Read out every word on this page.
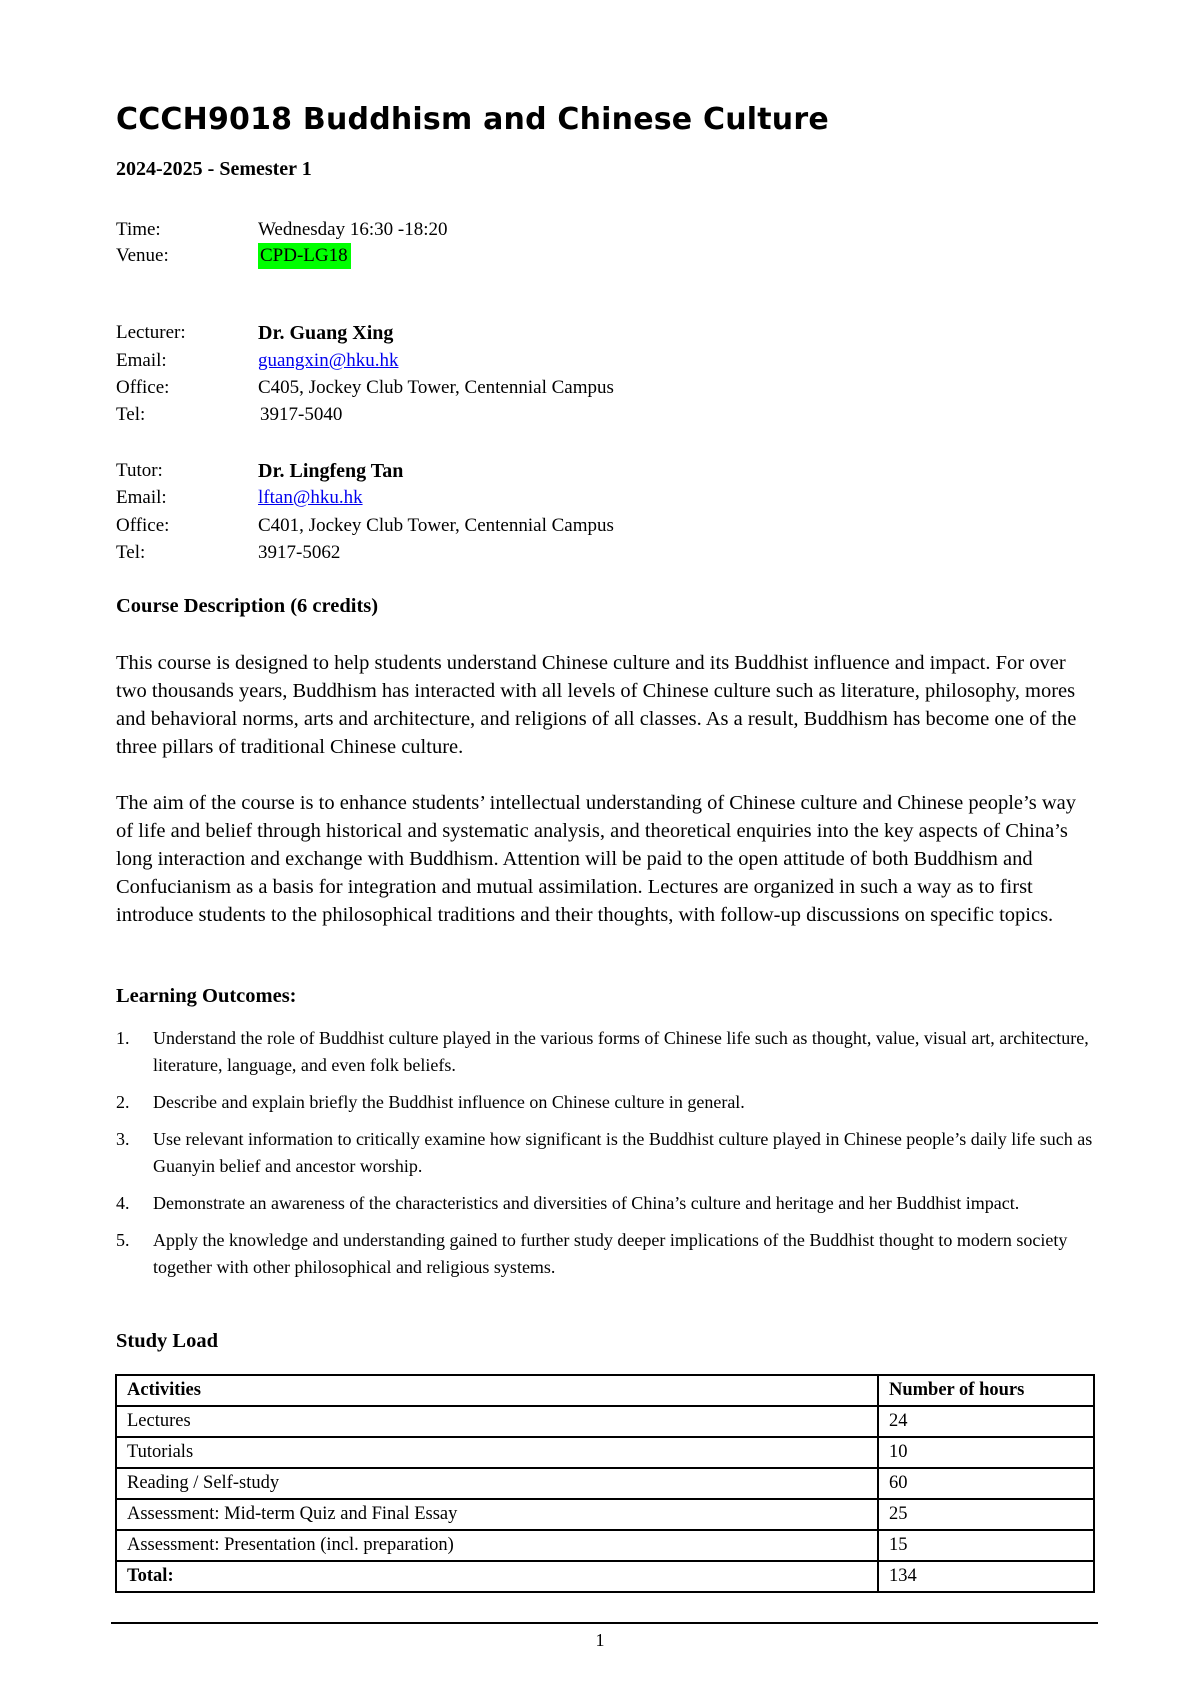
CCCH9018 Buddhism and Chinese Culture
2024-2025 - Semester 1
Time:	Wednesday 16:30 -18:20
Venue:	CPD-LG18
Lecturer:	Dr. Guang Xing
Email:	guangxin@hku.hk
Office:	C405, Jockey Club Tower, Centennial Campus
Tel:	3917-5040
Tutor:	Dr. Lingfeng Tan
Email:	lftan@hku.hk
Office:	C401, Jockey Club Tower, Centennial Campus
Tel:	3917-5062
Course Description (6 credits)

This course is designed to help students understand Chinese culture and its Buddhist influence and impact. For over two thousands years, Buddhism has interacted with all levels of Chinese culture such as literature, philosophy, mores and behavioral norms, arts and architecture, and religions of all classes. As a result, Buddhism has become one of the three pillars of traditional Chinese culture.

The aim of the course is to enhance students’ intellectual understanding of Chinese culture and Chinese people’s way of life and belief through historical and systematic analysis, and theoretical enquiries into the key aspects of China’s long interaction and exchange with Buddhism. Attention will be paid to the open attitude of both Buddhism and Confucianism as a basis for integration and mutual assimilation. Lectures are organized in such a way as to first introduce students to the philosophical traditions and their thoughts, with follow-up discussions on specific topics.

Learning Outcomes:
1. Understand the role of Buddhist culture played in the various forms of Chinese life such as thought, value, visual art, architecture, literature, language, and even folk beliefs.
2. Describe and explain briefly the Buddhist influence on Chinese culture in general.
3. Use relevant information to critically examine how significant is the Buddhist culture played in Chinese people’s daily life such as Guanyin belief and ancestor worship.
4. Demonstrate an awareness of the characteristics and diversities of China’s culture and heritage and her Buddhist impact.
5. Apply the knowledge and understanding gained to further study deeper implications of the Buddhist thought to modern society together with other philosophical and religious systems.
Study Load
Activities	Number of hours
Lectures	24
Tutorials	10
Reading / Self-study	60
Assessment: Mid-term Quiz and Final Essay	25
Assessment: Presentation (incl. preparation)	15
Total:	134
1
